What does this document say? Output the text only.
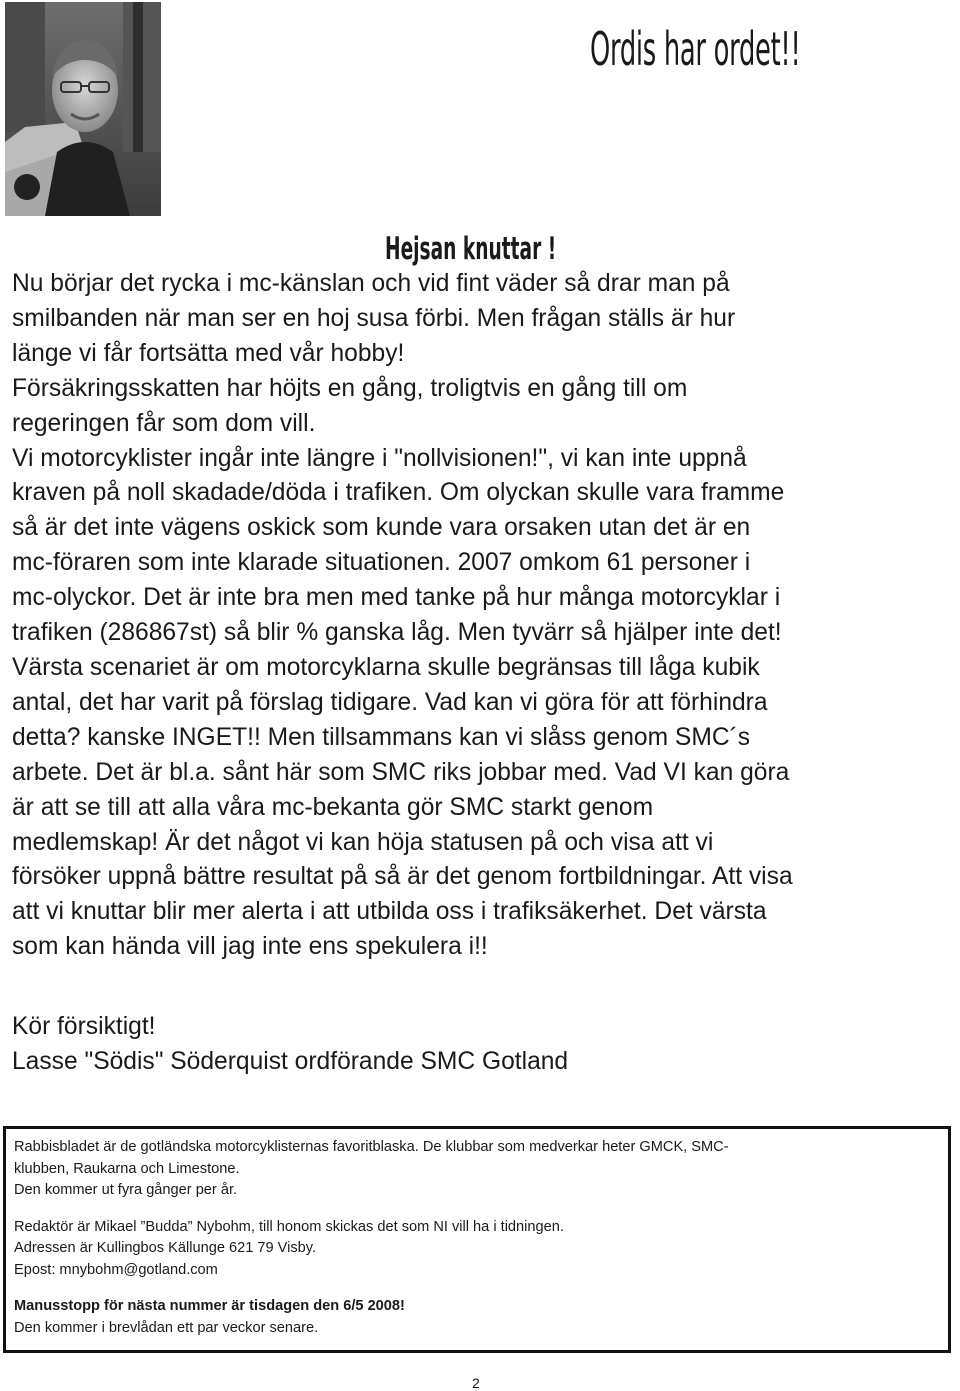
Ordis har ordet!!
Hejsan knuttar !

Nu börjar det rycka i mc-känslan och vid fint väder så drar man på

smilbanden när man ser en hoj susa förbi. Men frågan ställs är hur

länge vi får fortsätta med vår hobby!

Försäkringsskatten har höjts en gång, troligtvis en gång till om

regeringen får som dom vill.

Vi motorcyklister ingår inte längre i "nollvisionen!", vi kan inte uppnå

kraven på noll skadade/döda i trafiken. Om olyckan skulle vara framme

så är det inte vägens oskick som kunde vara orsaken utan det är en

mc-föraren som inte klarade situationen. 2007 omkom 61 personer i

mc-olyckor. Det är inte bra men med tanke på hur många motorcyklar i

trafiken (286867st) så blir % ganska låg. Men tyvärr så hjälper inte det!

Värsta scenariet är om motorcyklarna skulle begränsas till låga kubik

antal, det har varit på förslag tidigare. Vad kan vi göra för att förhindra

detta? kanske INGET!! Men tillsammans kan vi slåss genom SMC´s

arbete. Det är bl.a. sånt här som SMC riks jobbar med. Vad VI kan göra

är att se till att alla våra mc-bekanta gör SMC starkt genom

medlemskap! Är det något vi kan höja statusen på och visa att vi

försöker uppnå bättre resultat på så är det genom fortbildningar. Att visa

att vi knuttar blir mer alerta i att utbilda oss i trafiksäkerhet. Det värsta

som kan hända vill jag inte ens spekulera i!!

Kör försiktigt!
Lasse "Södis" Söderquist ordförande SMC Gotland
Rabbisbladet är de gotländska motorcyklisternas favoritblaska. De klubbar som medverkar heter GMCK, SMC-
klubben, Raukarna och Limestone.
Den kommer ut fyra gånger per år.
Redaktör är Mikael ”Budda” Nybohm, till honom skickas det som NI vill ha i tidningen.
Adressen är Kullingbos Källunge 621 79 Visby.
Epost: mnybohm@gotland.com
Manusstopp för nästa nummer är tisdagen den 6/5 2008!
Den kommer i brevlådan ett par veckor senare.
2
